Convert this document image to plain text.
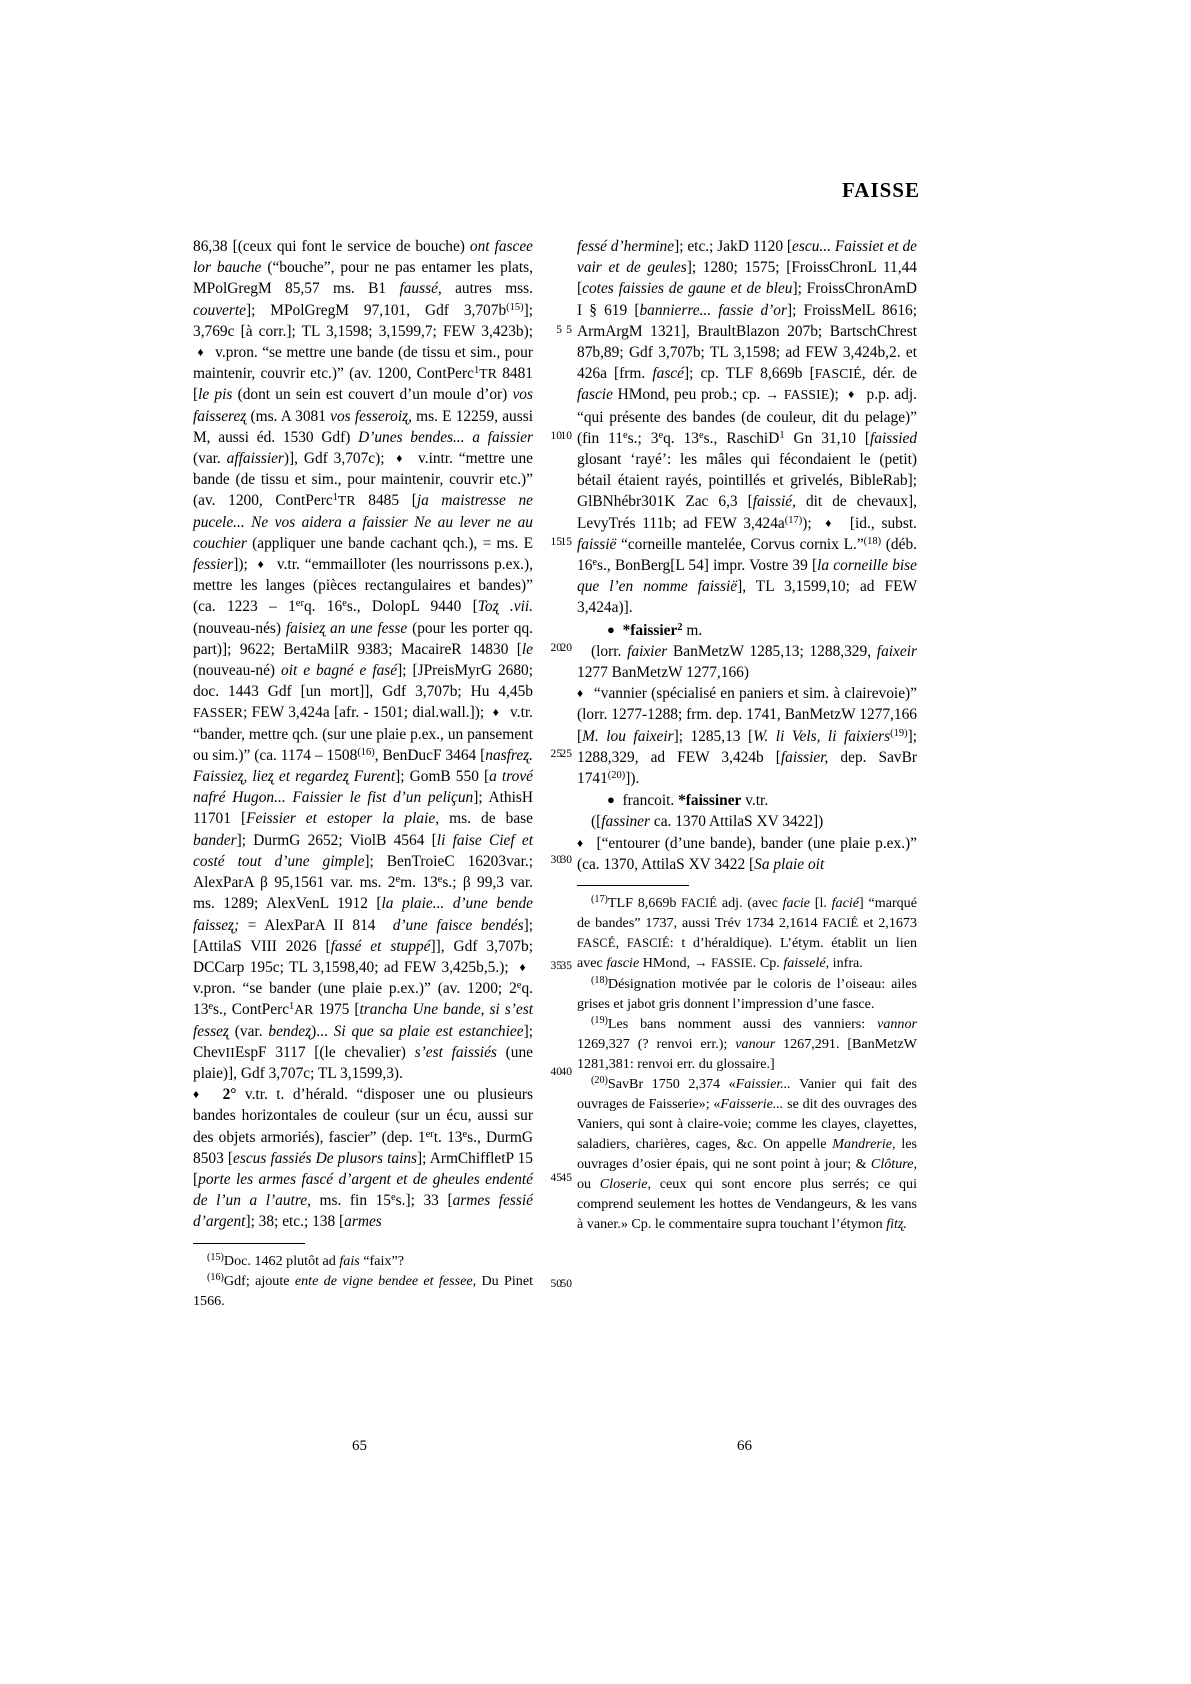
FAISSE

86,38 [(ceux qui font le service de bouche) ont fascee lor bauche (“bouche”, pour ne pas entamer les plats, MPolGregM 85,57 ms. B1 faussé, autres mss. couverte]; MPolGregM 97,101, Gdf $3,707b^{(15)}$]; 3,769c [à corr.]; TL 3,1598; 3,1599,7; FEW 3,423b);  ♦  v.pron. “se mettre une bande (de tissu et sim., pour maintenir, couvrir etc.)” (av. 1200, ContPerc$^1$TR 8481 [le pis (dont un sein est couvert d’un moule d’or) vos faissereʐ (ms. A 3081 vos fesseroiʐ, ms. E 12259, aussi M, aussi éd. 1530 Gdf) D’unes bendes... a faissier (var. affaissier)], Gdf 3,707c);  ♦  v.intr. “mettre une bande (de tissu et sim., pour maintenir, couvrir etc.)” (av. 1200, ContPerc$^1$TR 8485 [ja maistresse ne pucele... Ne vos aidera a faissier Ne au lever ne au couchier (appliquer une bande cachant qch.), = ms. E fessier]);  ♦  v.tr. “emmailloter (les nourrissons p.ex.), mettre les langes (pièces rectangulaires et bandes)” (ca. 1223 – 1erq. 16es., DolopL 9440 [Toʐ .vii. (nouveau-nés) faisieʐ an une fesse (pour les porter qq. part)]; 9622; BertaMilR 9383; MacaireR 14830 [le (nouveau-né) oit e bagné e fasé]; [JPreisMyrG 2680; doc. 1443 Gdf [un mort]], Gdf 3,707b; Hu 4,45b FASSER; FEW 3,424a [afr. - 1501; dial.wall.]);  ♦  v.tr. “bander, mettre qch. (sur une plaie p.ex., un pansement ou sim.)” (ca. 1174 – 1508$^{(16)}$, BenDucF 3464 [nasfreʐ. Faissieʐ, liеʐ et regardeʐ Furent]; GomB 550 [a trové nafré Hugon... Faissier le fist d’un peliçun]; AthisH 11701 [Feissier et estoper la plaie, ms. de base bander]; DurmG 2652; ViolB 4564 [li faise Cief et costé tout d’une gimple]; BenTroieC 16203var.; AlexParA β 95,1561 var. ms. 2em. 13es.; β 99,3 var. ms. 1289; AlexVenL 1912 [la plaie... d’une bende faisseʐ; = AlexParA II 814  d’une faisce bendés]; [AttilaS VIII 2026 [fassé et stuppé]], Gdf 3,707b; DCCarp 195c; TL 3,1598,40; ad FEW 3,425b,5.);  ♦  v.pron. “se bander (une plaie p.ex.)” (av. 1200; 2eq. 13es., ContPerc$^1$AR 1975 [trancha Une bande, si s’est fesseʐ (var. bendeʐ)... Si que sa plaie est estanchiee]; ChevIIEspF 3117 [(le chevalier) s’est faissiés (une plaie)], Gdf 3,707c; TL 3,1599,3).

♦ 2° v.tr. t. d’hérald. “disposer une ou plusieurs bandes horizontales de couleur (sur un écu, aussi sur des objets armoriés), fascier” (dep. 1ert. 13es., DurmG 8503 [escus fassiés De plusors tains]; ArmChiffletP 15 [porte les armes fascé d’argent et de gheules endenté de l’un a l’autre, ms. fin 15es.]; 33 [armes fessié d’argent]; 38; etc.; 138 [armes

$^{(15)}$Doc. 1462 plutôt ad fais “faix”?

$^{(16)}$Gdf; ajoute ente de vigne bendee et fessee, Du Pinet 1566.

fessé d’hermine]; etc.; JakD 1120 [escu... Faissiet et de vair et de geules]; 1280; 1575; [FroissChronL 11,44 [cotes faissies de gaune et de bleu]; FroissChronAmD I § 619 [bannierre... fassie d’or]; FroissMelL 8616; ArmArgM 1321], BraultBlazon 207b; BartschChrest 87b,89; Gdf 3,707b; TL 3,1598; ad FEW 3,424b,2. et 426a [frm. fascé]; cp. TLF 8,669b [FASCIÉ, dér. de fascie HMond, peu prob.; cp. → FASSIE);  ♦  p.p. adj. “qui présente des bandes (de couleur, dit du pelage)” (fin 11es.; 3eq. 13es., RaschiD$^1$ Gn 31,10 [faissied glosant ‘rayé’: les mâles qui fécondaient le (petit) bétail étaient rayés, pointillés et grivelés, BibleRab]; GlBNhébr301K Zac 6,3 [faissié, dit de chevaux], LevyTrés 111b; ad FEW $3,424a^{(17)}$);  ♦  [id., subst. faissië “corneille mantelée, Corvus cornix L.”$^{(18)}$ (déb. 16es., BonBerg[L 54] impr. Vostre 39 [la corneille bise que l’en nomme faissië], TL 3,1599,10; ad FEW 3,424a)].

● *faissier$^2$ m.

(lorr. faixier BanMetzW 1285,13; 1288,329, faixeir 1277 BanMetzW 1277,166)

♦  “vannier (spécialisé en paniers et sim. à clairevoie)” (lorr. 1277-1288; frm. dep. 1741, BanMetzW 1277,166 [M. lou faixeir]; 1285,13 [W. li Vels, li faixiers$^{(19)}$]; 1288,329, ad FEW 3,424b [faissier, dep. SavBr 1741$^{(20)}$]).

●  francoit. *faissiner v.tr.

([fassiner ca. 1370 AttilaS XV 3422])

♦  [“entourer (d’une bande), bander (une plaie p.ex.)” (ca. 1370, AttilaS XV 3422 [Sa plaie oit

$^{(17)}$TLF 8,669b FACIÉ adj. (avec facie [l. facié] “marqué de bandes” 1737, aussi Trév 1734 2,1614 FACIÉ et 2,1673 FASCÉ, FASCIÉ: t d’héraldique). L’étym. établit un lien avec fascie HMond, → FASSIE. Cp. faisselé, infra.

$^{(18)}$Désignation motivée par le coloris de l’oiseau: ailes grises et jabot gris donnent l’impression d’une fasce.

$^{(19)}$Les bans nomment aussi des vanniers: vannor 1269,327 (? renvoi err.); vanour 1267,291. [BanMetzW 1281,381: renvoi err. du glossaire.]

$^{(20)}$SavBr 1750 2,374 «Faissier... Vanier qui fait des ouvrages de Faisserie»; «Faisserie... se dit des ouvrages des Vaniers, qui sont à claire-voie; comme les clayes, clayettes, saladiers, charières, cages, &c. On appelle Mandrerie, les ouvrages d’osier épais, qui ne sont point à jour; & Clôture, ou Closerie, ceux qui sont encore plus serrés; ce qui comprend seulement les hottes de Vendangeurs, & les vans à vaner.» Cp. le commentaire supra touchant l’étymon fitʐ.

5
10
15
20
25
30
35
40
45
50
5
10
15
20
25
30
35
40
45
50
65	66
